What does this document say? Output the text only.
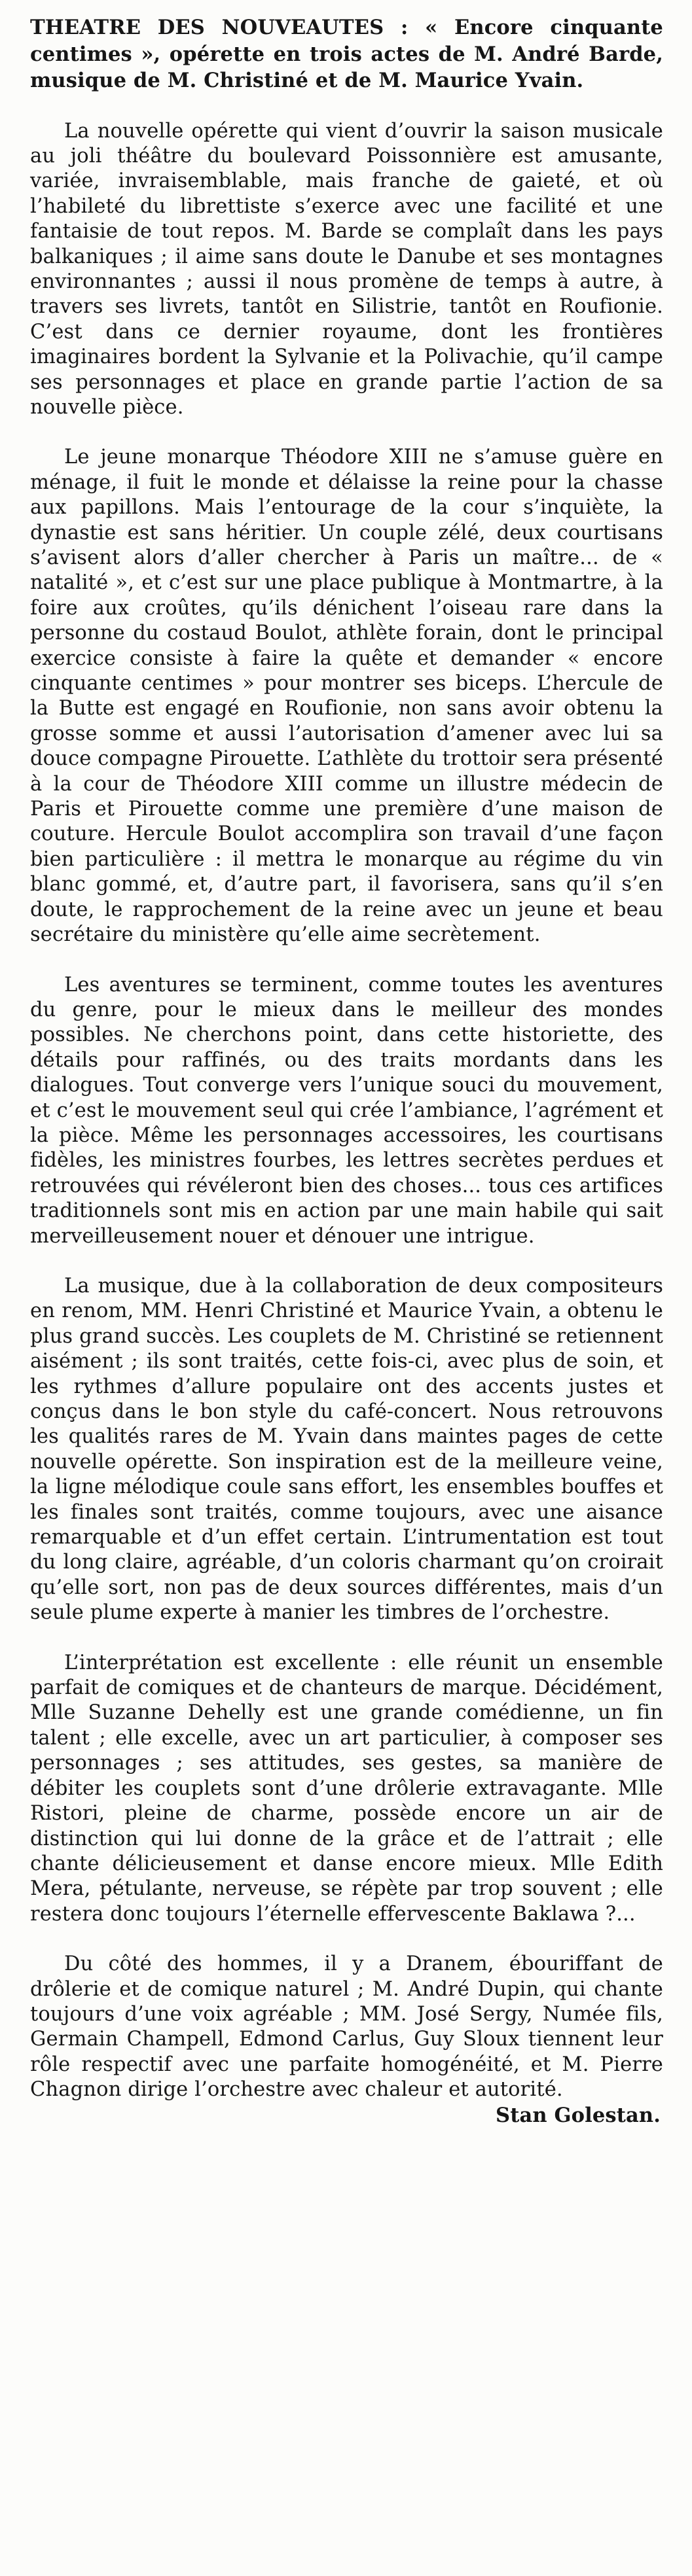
THEATRE DES NOUVEAUTES : « Encore cinquante centimes », opérette en trois actes de M. André Barde, musique de M. Christiné et de M. Maurice Yvain.

La nouvelle opérette qui vient d’ouvrir la saison musicale au joli théâtre du boulevard Poissonnière est amusante, variée, invraisemblable, mais franche de gaieté, et où l’habileté du librettiste s’exerce avec une facilité et une fantaisie de tout repos. M. Barde se complaît dans les pays balkaniques ; il aime sans doute le Danube et ses montagnes environnantes ; aussi il nous promène de temps à autre, à travers ses livrets, tantôt en Silistrie, tantôt en Roufionie. C’est dans ce dernier royaume, dont les frontières imaginaires bordent la Sylvanie et la Polivachie, qu’il campe ses personnages et place en grande partie l’action de sa nouvelle pièce.

Le jeune monarque Théodore XIII ne s’amuse guère en ménage, il fuit le monde et délaisse la reine pour la chasse aux papillons. Mais l’entourage de la cour s’inquiète, la dynastie est sans héritier. Un couple zélé, deux courtisans s’avisent alors d’aller chercher à Paris un maître... de « natalité », et c’est sur une place publique à Montmartre, à la foire aux croûtes, qu’ils dénichent l’oiseau rare dans la personne du costaud Boulot, athlète forain, dont le principal exercice consiste à faire la quête et demander « encore cinquante centimes » pour montrer ses biceps. L’hercule de la Butte est engagé en Roufionie, non sans avoir obtenu la grosse somme et aussi l’autorisation d’amener avec lui sa douce compagne Pirouette. L’athlète du trottoir sera présenté à la cour de Théodore XIII comme un illustre médecin de Paris et Pirouette comme une première d’une maison de couture. Hercule Boulot accomplira son travail d’une façon bien particulière : il mettra le monarque au régime du vin blanc gommé, et, d’autre part, il favorisera, sans qu’il s’en doute, le rapprochement de la reine avec un jeune et beau secrétaire du ministère qu’elle aime secrètement.

Les aventures se terminent, comme toutes les aventures du genre, pour le mieux dans le meilleur des mondes possibles. Ne cherchons point, dans cette historiette, des détails pour raffinés, ou des traits mordants dans les dialogues. Tout converge vers l’unique souci du mouvement, et c’est le mouvement seul qui crée l’ambiance, l’agrément et la pièce. Même les personnages accessoires, les courtisans fidèles, les ministres fourbes, les lettres secrètes perdues et retrouvées qui révéleront bien des choses... tous ces artifices traditionnels sont mis en action par une main habile qui sait merveilleusement nouer et dénouer une intrigue.

La musique, due à la collaboration de deux compositeurs en renom, MM. Henri Christiné et Maurice Yvain, a obtenu le plus grand succès. Les couplets de M. Christiné se retiennent aisément ; ils sont traités, cette fois-ci, avec plus de soin, et les rythmes d’allure populaire ont des accents justes et conçus dans le bon style du café-concert. Nous retrouvons les qualités rares de M. Yvain dans maintes pages de cette nouvelle opérette. Son inspiration est de la meilleure veine, la ligne mélodique coule sans effort, les ensembles bouffes et les finales sont traités, comme toujours, avec une aisance remarquable et d’un effet certain. L’intrumentation est tout du long claire, agréable, d’un coloris charmant qu’on croirait qu’elle sort, non pas de deux sources différentes, mais d’un seule plume experte à manier les timbres de l’orchestre.

L’interprétation est excellente : elle réunit un ensemble parfait de comiques et de chanteurs de marque. Décidément, Mlle Suzanne Dehelly est une grande comédienne, un fin talent ; elle excelle, avec un art particulier, à composer ses personnages ; ses attitudes, ses gestes, sa manière de débiter les couplets sont d’une drôlerie extravagante. Mlle Ristori, pleine de charme, possède encore un air de distinction qui lui donne de la grâce et de l’attrait ; elle chante délicieusement et danse encore mieux. Mlle Edith Mera, pétulante, nerveuse, se répète par trop souvent ; elle restera donc toujours l’éternelle effervescente Baklawa ?...

Du côté des hommes, il y a Dranem, ébouriffant de drôlerie et de comique naturel ; M. André Dupin, qui chante toujours d’une voix agréable ; MM. José Sergy, Numée fils, Germain Champell, Edmond Carlus, Guy Sloux tiennent leur rôle respectif avec une parfaite homogénéité, et M. Pierre Chagnon dirige l’orchestre avec chaleur et autorité.

Stan Golestan.
